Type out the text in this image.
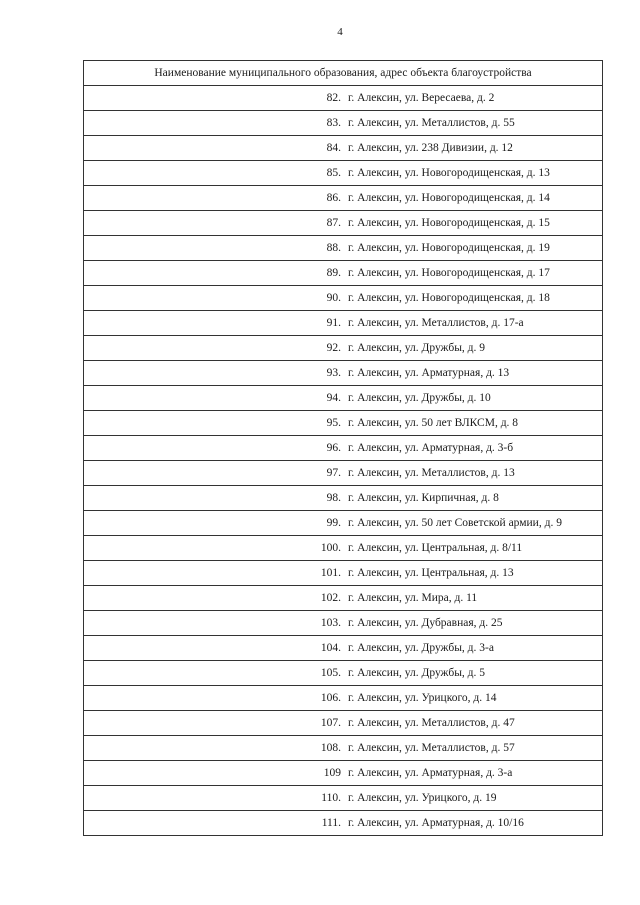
4
Наименование муниципального образования, адрес объекта благоустройства	
82.	г. Алексин, ул. Вересаева, д. 2
83.	г. Алексин, ул. Металлистов, д. 55
84.	г. Алексин, ул. 238 Дивизии, д. 12
85.	г. Алексин, ул. Новогородищенская, д. 13
86.	г. Алексин, ул. Новогородищенская, д. 14
87.	г. Алексин, ул. Новогородищенская, д. 15
88.	г. Алексин, ул. Новогородищенская, д. 19
89.	г. Алексин, ул. Новогородищенская, д. 17
90.	г. Алексин, ул. Новогородищенская, д. 18
91.	г. Алексин, ул. Металлистов, д. 17-а
92.	г. Алексин, ул. Дружбы, д. 9
93.	г. Алексин, ул. Арматурная, д. 13
94.	г. Алексин, ул. Дружбы, д. 10
95.	г. Алексин, ул. 50 лет ВЛКСМ, д. 8
96.	г. Алексин, ул. Арматурная, д. 3-б
97.	г. Алексин, ул. Металлистов, д. 13
98.	г. Алексин, ул. Кирпичная, д. 8
99.	г. Алексин, ул. 50 лет Советской армии, д. 9
100.	г. Алексин, ул. Центральная, д. 8/11
101.	г. Алексин, ул. Центральная, д. 13
102.	г. Алексин, ул. Мира, д. 11
103.	г. Алексин, ул. Дубравная, д. 25
104.	г. Алексин, ул. Дружбы, д. 3-а
105.	г. Алексин, ул. Дружбы, д. 5
106.	г. Алексин, ул. Урицкого, д. 14
107.	г. Алексин, ул. Металлистов, д. 47
108.	г. Алексин, ул. Металлистов, д. 57
109	г. Алексин, ул. Арматурная, д. 3-а
110.	г. Алексин, ул. Урицкого, д. 19
111.	г. Алексин, ул. Арматурная, д. 10/16
